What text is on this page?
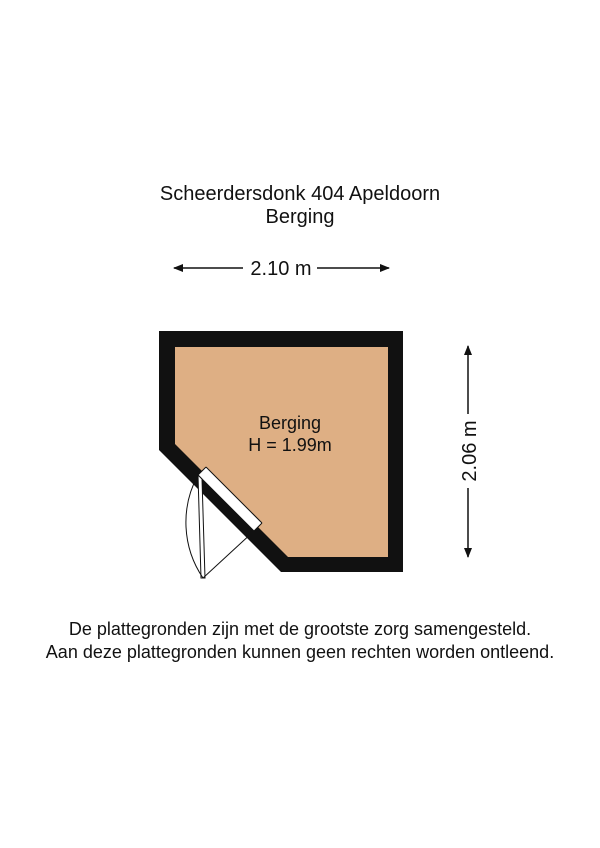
Scheerdersdonk 404 Apeldoorn
Berging
2.10 m
2.06 m
Berging
H = 1.99m
De plattegronden zijn met de grootste zorg samengesteld.
Aan deze plattegronden kunnen geen rechten worden ontleend.
